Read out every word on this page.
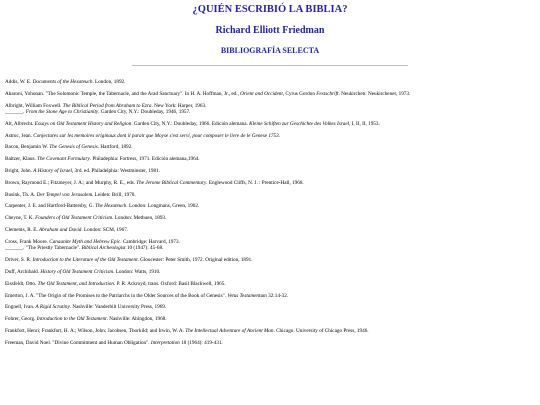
¿QUIÉN ESCRIBIÓ LA BIBLIA?
Richard Elliott Friedman
BIBLIOGRAFÍA SELECTA
Addis, W. E. Documents of the Hexateuch. London, 1892.
Aharoni, Yohonan. "The Solomonic Temple, the Tabernacle, and the Arad Sanctuary". In H. A. Hoffman, Jr., ed., Orient and Occident, Cyrus Gordon Festschrift. Neukirchen: Neukirchener, 1973.
Albright, William Foxwell. The Biblical Period from Abraham to Ezra. New York: Harper, 1963.
_______. From the Stone Age to Christianity. Garden City, N.Y.: Doubleday, 1946, 1957.
Alt, Albrecht. Essays on Old Testament History and Religion. Garden City, N.Y.: Doubleday, 1966. Edición alemana. Kleine Schiften zur Geschichte des Volkes Israel, I, II, II, 1953.
Astruc, Jean. Conjectures sur les memoires originaux dont il parait que Moyse s'est servi, pour composer le livre de le Genese 1753.
Bacon, Benjamin W. The Genesis of Genesis. Hartford, 1892.
Baltzer, Klaus. The Covenant Formulary. Philadephia: Fortress, 1971. Edición alemana,1964.
Bright, John. A History of Israel, 3rd. ed. Philadelphia: Westminster, 1981.
Brown, Raymond E.; Fitzmeyer, J. A.; and Murphy, R. E., eds. The Jerome Biblical Commentary. Englewood Cliffs, N. J. : Prentice-Hall, 1968.
Busink, Th. A. Der Tempel von Jerusalem. Leiden: Brill, 1970.
Carpenter, J. E. and Hartford-Battersby, G. The Hexateuch. London: Longmans, Green, 1902.
Cheyne, T. K. Founders of Old Testament Criticism. London: Methuen, 1893.
Clements, R. E. Abraham and David. London: SCM, 1967.
Cross, Frank Moore. Canaanite Myth and Hebrew Epic. Cambridge: Harvard, 1973.
_______. "The Priestly Tabernacle". Biblical Archeologist 10 (1947): 45-68.
Driver, S. R. Introduction to the Literature of the Old Testament. Gloucester: Peter Smith, 1972. Original edition, 1891.
Duff, Archibald. History of Old Testament Criticism. London: Watts, 1910.
Eissfeldt, Otto. The Old Testament, and Introduction. P. R. Ackroyd, trans. Oxford: Basil Blackwell, 1965.
Emerton, J. A. "The Origin of the Promises to the Patriarchs in the Older Sources of the Book of Genesis". Vetus Testamentum 32:14-32.
Engnell, Ivan. A Rigid Scrutiny. Nashville: Vanderbilt University Press, 1969.
Fohrer, Georg. Introduction to the Old Testament. Nashville: Abingdon, 1968.
Frankfort, Henri; Frankfort, H. A.; Wilson, John; Jacobsen, Thorkild; and Irwin, W. A. The Intellectual Adventure of Ancient Man. Chicago. University of Chicago Press, 1946.
Freeman, David Noel. "Divine Commitment and Human Obligation". Interpretation 18 (1964): 419-431.
